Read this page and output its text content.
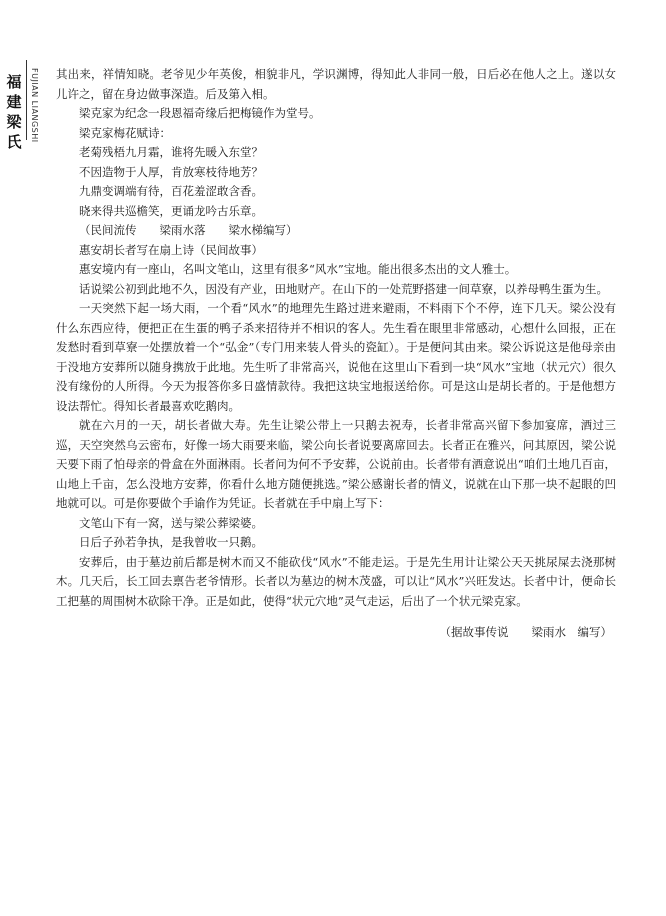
福
建
梁
氏	FUJIAN LIANGSHI 其出来，祥情知晓。老爷见少年英俊，相貌非凡，学识渊博，得知此人非同一般，日后必在他人之上。遂以女儿许之，留在身边做事深造。后及第入相。

梁克家为纪念一段恩福奇缘后把梅镜作为堂号。

梁克家梅花赋诗：

老菊残梧九月霜，谁将先暖入东堂？

不因造物于人厚，肯放寒枝待地芳？

九鼎变调端有待，百花羞涩敢含香。

晓来得共巡檐笑，更诵龙吟古乐章。

（民间流传　　梁雨水落　　梁水梯编写）

惠安胡长者写在扇上诗（民间故事）

惠安境内有一座山，名叫文笔山，这里有很多“风水”宝地。能出很多杰出的文人雅士。

话说梁公初到此地不久，因没有产业，田地财产。在山下的一处荒野搭建一间草寮，以养母鸭生蛋为生。

一天突然下起一场大雨，一个看“风水”的地理先生路过进来避雨，不料雨下个不停，连下几天。梁公没有什么东西应待，便把正在生蛋的鸭子杀来招待并不相识的客人。先生看在眼里非常感动，心想什么回报，正在发愁时看到草寮一处摆放着一个“弘金”（专门用来装人骨头的瓷缸）。于是便问其由来。梁公诉说这是他母亲由于没地方安葬所以随身携放于此地。先生听了非常高兴，说他在这里山下看到一块“风水”宝地（状元穴）很久没有缘份的人所得。今天为报答你多日盛情款待。我把这块宝地报送给你。可是这山是胡长者的。于是他想方设法帮忙。得知长者最喜欢吃鹅肉。

就在六月的一天，胡长者做大寿。先生让梁公带上一只鹅去祝寿，长者非常高兴留下参加宴席，酒过三巡，天空突然乌云密布，好像一场大雨要来临，梁公向长者说要离席回去。长者正在雅兴，问其原因，梁公说天要下雨了怕母亲的骨盒在外面淋雨。长者问为何不予安葬，公说前由。长者带有酒意说出“咱们土地几百亩，山地上千亩，怎么没地方安葬，你看什么地方随便挑选。”梁公感谢长者的情义，说就在山下那一块不起眼的凹地就可以。可是你要做个手谕作为凭证。长者就在手中扇上写下：

文笔山下有一窝，送与梁公葬梁婆。

日后子孙若争执，是我曾收一只鹅。

安葬后，由于墓边前后都是树木而又不能砍伐“风水”不能走运。于是先生用计让梁公天天挑尿屎去浇那树木。几天后，长工回去禀告老爷情形。长者以为墓边的树木茂盛，可以让“风水”兴旺发达。长者中计，便命长工把墓的周围树木砍除干净。正是如此，使得“状元穴地”灵气走运，后出了一个状元梁克家。

（据故事传说　　梁雨水　编写）
